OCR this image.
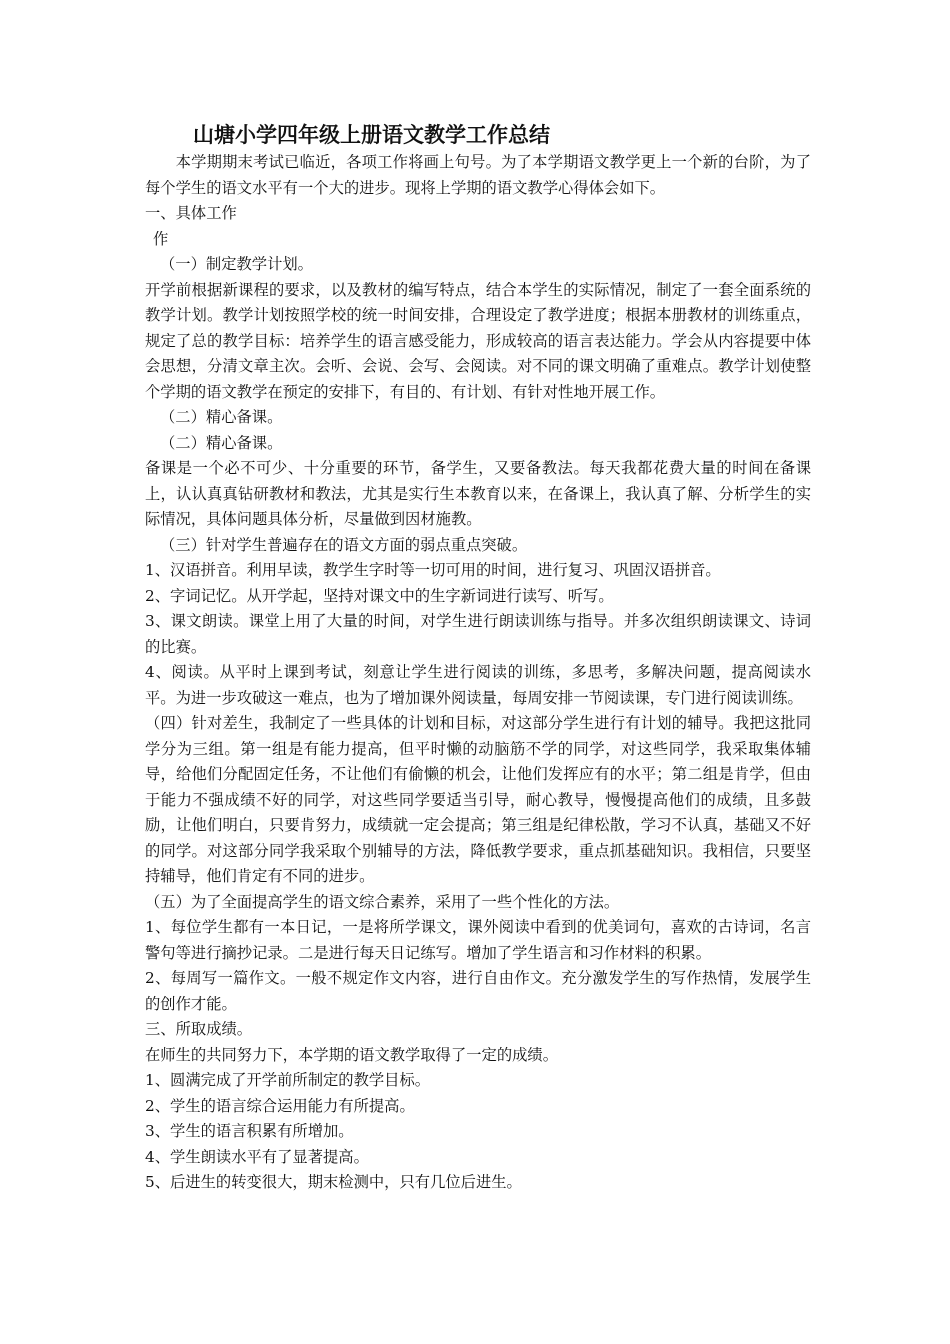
山塘小学四年级上册语文教学工作总结

本学期期末考试已临近，各项工作将画上句号。为了本学期语文教学更上一个新的台阶，为了每个学生的语文水平有一个大的进步。现将上学期的语文教学心得体会如下。

一、具体工作

作

（一）制定教学计划。

开学前根据新课程的要求，以及教材的编写特点，结合本学生的实际情况，制定了一套全面系统的教学计划。教学计划按照学校的统一时间安排，合理设定了教学进度；根据本册教材的训练重点，规定了总的教学目标：培养学生的语言感受能力，形成较高的语言表达能力。学会从内容提要中体会思想，分清文章主次。会听、会说、会写、会阅读。对不同的课文明确了重难点。教学计划使整个学期的语文教学在预定的安排下，有目的、有计划、有针对性地开展工作。

（二）精心备课。

（二）精心备课。

备课是一个必不可少、十分重要的环节，备学生，又要备教法。每天我都花费大量的时间在备课上，认认真真钻研教材和教法，尤其是实行生本教育以来，在备课上，我认真了解、分析学生的实际情况，具体问题具体分析，尽量做到因材施教。

（三）针对学生普遍存在的语文方面的弱点重点突破。

1、汉语拼音。利用早读，教学生字时等一切可用的时间，进行复习、巩固汉语拼音。

2、字词记忆。从开学起，坚持对课文中的生字新词进行读写、听写。

3、课文朗读。课堂上用了大量的时间，对学生进行朗读训练与指导。并多次组织朗读课文、诗词的比赛。

4、阅读。从平时上课到考试，刻意让学生进行阅读的训练，多思考，多解决问题，提高阅读水平。为进一步攻破这一难点，也为了增加课外阅读量，每周安排一节阅读课，专门进行阅读训练。

（四）针对差生，我制定了一些具体的计划和目标，对这部分学生进行有计划的辅导。我把这批同学分为三组。第一组是有能力提高，但平时懒的动脑筋不学的同学，对这些同学，我采取集体辅导，给他们分配固定任务，不让他们有偷懒的机会，让他们发挥应有的水平；第二组是肯学，但由于能力不强成绩不好的同学，对这些同学要适当引导，耐心教导，慢慢提高他们的成绩，且多鼓励，让他们明白，只要肯努力，成绩就一定会提高；第三组是纪律松散，学习不认真，基础又不好的同学。对这部分同学我采取个别辅导的方法，降低教学要求，重点抓基础知识。我相信，只要坚持辅导，他们肯定有不同的进步。

（五）为了全面提高学生的语文综合素养，采用了一些个性化的方法。

1、每位学生都有一本日记，一是将所学课文，课外阅读中看到的优美词句，喜欢的古诗词，名言警句等进行摘抄记录。二是进行每天日记练写。增加了学生语言和习作材料的积累。

2、每周写一篇作文。一般不规定作文内容，进行自由作文。充分激发学生的写作热情，发展学生的创作才能。

三、所取成绩。

在师生的共同努力下，本学期的语文教学取得了一定的成绩。

1、圆满完成了开学前所制定的教学目标。

2、学生的语言综合运用能力有所提高。

3、学生的语言积累有所增加。

4、学生朗读水平有了显著提高。

5、后进生的转变很大，期末检测中，只有几位后进生。
